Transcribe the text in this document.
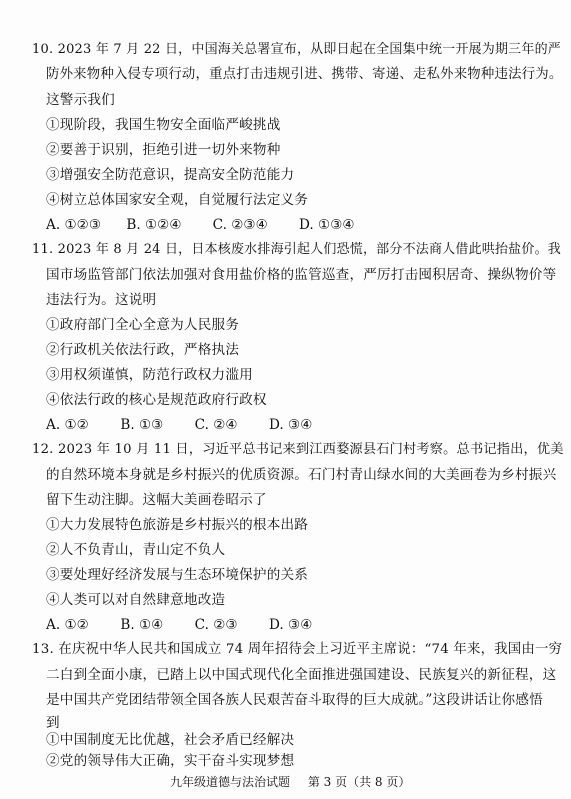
10. 2023 年 7 月 22 日，中国海关总署宣布，从即日起在全国集中统一开展为期三年的严
防外来物种入侵专项行动，重点打击违规引进、携带、寄递、走私外来物种违法行为。
这警示我们
①现阶段，我国生物安全面临严峻挑战
②要善于识别，拒绝引进一切外来物种
③增强安全防范意识，提高安全防范能力
④树立总体国家安全观，自觉履行法定义务
A. ①②③ B. ①②④ C. ②③④ D. ①③④
11. 2023 年 8 月 24 日，日本核废水排海引起人们恐慌，部分不法商人借此哄抬盐价。我
国市场监管部门依法加强对食用盐价格的监管巡查，严厉打击囤积居奇、操纵物价等
违法行为。这说明
①政府部门全心全意为人民服务
②行政机关依法行政，严格执法
③用权须谨慎，防范行政权力滥用
④依法行政的核心是规范政府行政权
A. ①② B. ①③ C. ②④ D. ③④
12. 2023 年 10 月 11 日，习近平总书记来到江西婺源县石门村考察。总书记指出，优美
的自然环境本身就是乡村振兴的优质资源。石门村青山绿水间的大美画卷为乡村振兴
留下生动注脚。这幅大美画卷昭示了
①大力发展特色旅游是乡村振兴的根本出路
②人不负青山，青山定不负人
③要处理好经济发展与生态环境保护的关系
④人类可以对自然肆意地改造
A. ①② B. ①④ C. ②③ D. ③④
13. 在庆祝中华人民共和国成立 74 周年招待会上习近平主席说：“74 年来，我国由一穷
二白到全面小康，已踏上以中国式现代化全面推进强国建设、民族复兴的新征程，这
是中国共产党团结带领全国各族人民艰苦奋斗取得的巨大成就。”这段讲话让你感悟
到
①中国制度无比优越，社会矛盾已经解决
②党的领导伟大正确，实干奋斗实现梦想
九年级道德与法治试题 第 3 页（共 8 页）
